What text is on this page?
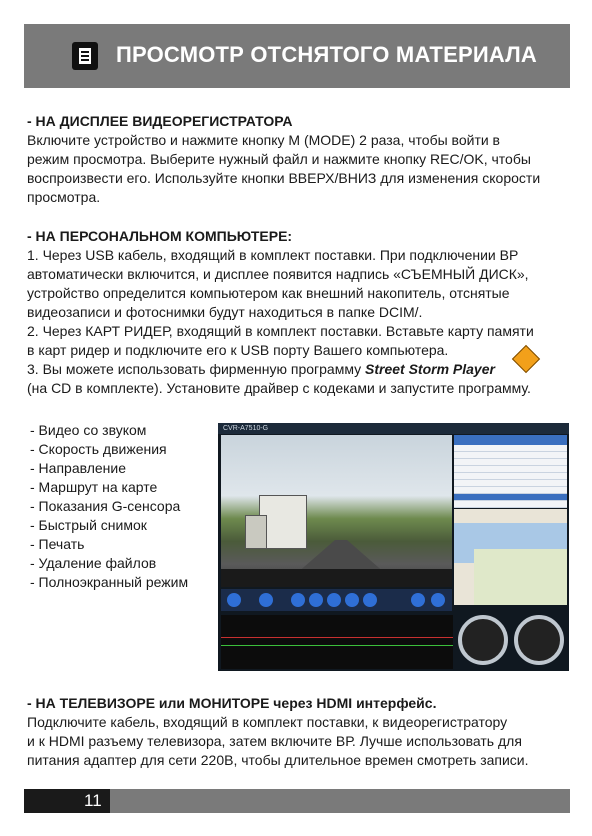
ПРОСМОТР ОТСНЯТОГО МАТЕРИАЛА
- НА ДИСПЛЕЕ ВИДЕОРЕГИСТРАТОРА
Включите устройство и нажмите кнопку M (MODE) 2 раза, чтобы войти в
режим просмотра. Выберите нужный файл и нажмите кнопку REC/OK, чтобы
воспроизвести его. Используйте кнопки ВВЕРХ/ВНИЗ для изменения скорости
просмотра.
- НА ПЕРСОНАЛЬНОМ КОМПЬЮТЕРЕ:
1. Через USB кабель, входящий в комплект поставки. При подключении ВР
автоматически включится, и дисплее появится надпись «СЪЕМНЫЙ ДИСК»,
устройство определится компьютером как внешний накопитель, отснятые
видеозаписи и фотоснимки будут находиться в папке DCIM/.
2. Через КАРТ РИДЕР, входящий в комплект поставки. Вставьте карту памяти
в карт ридер и подключите его к USB порту Вашего компьютера.
3. Вы можете использовать фирменную программу Street Storm Player
(на CD в комплекте). Установите драйвер с кодеками и запустите программу.
- Видео со звуком
- Скорость движения
- Направление
- Маршрут на карте
- Показания G-сенсора
- Быстрый снимок
- Печать
- Удаление файлов
- Полноэкранный режим
CVR-A7510-G
- НА ТЕЛЕВИЗОРЕ или МОНИТОРЕ через HDMI интерфейс.
Подключите кабель, входящий в комплект поставки, к видеорегистратору
и к HDMI разъему телевизора, затем включите ВР. Лучше использовать для
питания адаптер для сети 220В, чтобы длительное времен смотреть записи.
11
